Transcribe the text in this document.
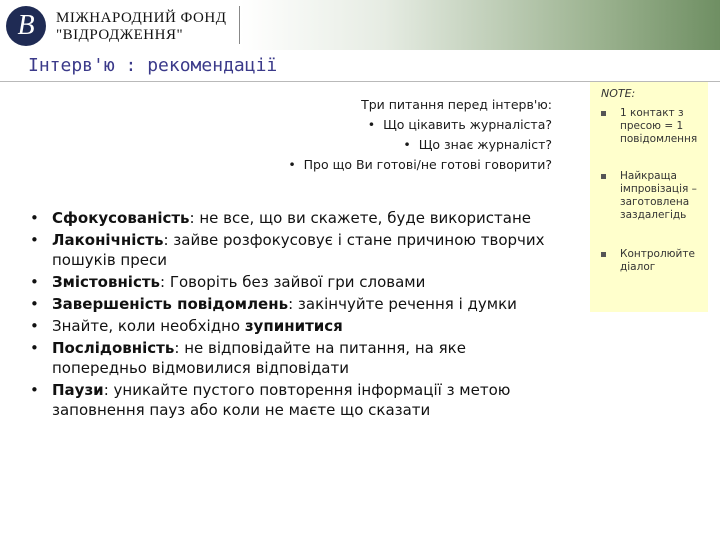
B МІЖНАРОДНИЙ ФОНД
"ВІДРОДЖЕННЯ"
Інтерв'ю : рекомендації
Три питання перед інтерв'ю:
•  Що цікавить журналіста?
•  Що знає журналіст?
•  Про що Ви готові/не готові говорити?
• Сфокусованість: не все, що ви скажете, буде використане
• Лаконічність: зайве розфокусовує і стане причиною творчих пошуків преси
• Змістовність: Говоріть без зайвої гри словами
• Завершеність повідомлень: закінчуйте речення і думки
• Знайте, коли необхідно зупинитися
• Послідовність: не відповідайте на питання, на яке попередньо відмовилися відповідати
• Паузи: уникайте пустого повторення інформації з метою заповнення пауз або коли не маєте що сказати
NOTE:
1 контакт з пресою = 1 повідомлення
Найкраща імпровізація – заготовлена заздалегідь
Контролюйте діалог
